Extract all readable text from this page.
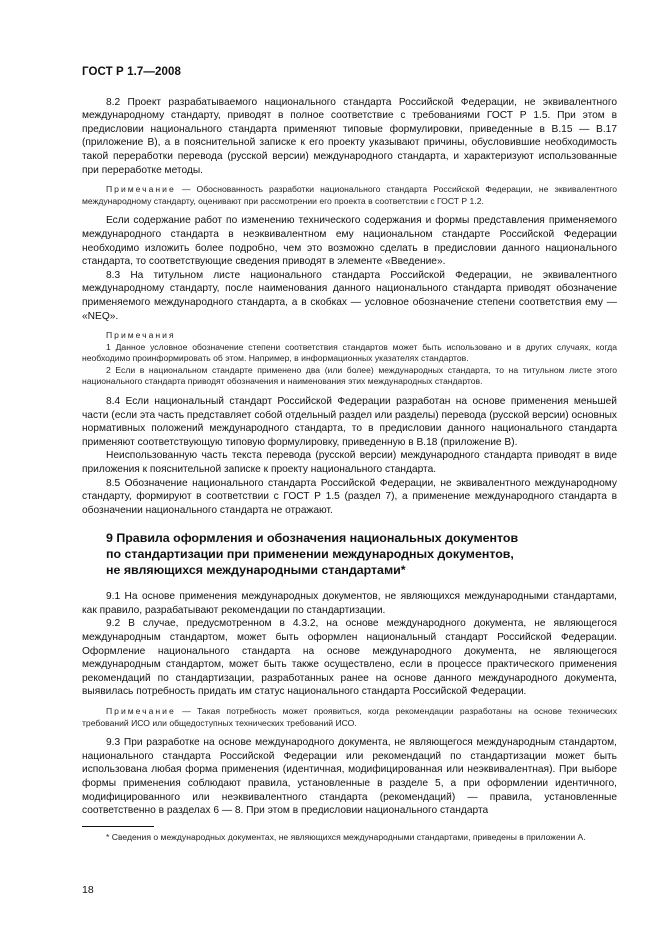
ГОСТ Р 1.7—2008

8.2 Проект разрабатываемого национального стандарта Российской Федерации, не эквивалентного международному стандарту, приводят в полное соответствие с требованиями ГОСТ Р 1.5. При этом в предисловии национального стандарта применяют типовые формулировки, приведенные в В.15 — В.17 (приложение В), а в пояснительной записке к его проекту указывают причины, обусловившие необходимость такой переработки перевода (русской версии) международного стандарта, и характеризуют использованные при переработке методы.

Примечание — Обоснованность разработки национального стандарта Российской Федерации, не эквивалентного международному стандарту, оценивают при рассмотрении его проекта в соответствии с ГОСТ Р 1.2.

Если содержание работ по изменению технического содержания и формы представления применяемого международного стандарта в неэквивалентном ему национальном стандарте Российской Федерации необходимо изложить более подробно, чем это возможно сделать в предисловии данного национального стандарта, то соответствующие сведения приводят в элементе «Введение».

8.3 На титульном листе национального стандарта Российской Федерации, не эквивалентного международному стандарту, после наименования данного национального стандарта приводят обозначение применяемого международного стандарта, а в скобках — условное обозначение степени соответствия ему — «NEQ».

Примечания
1 Данное условное обозначение степени соответствия стандартов может быть использовано и в других случаях, когда необходимо проинформировать об этом. Например, в информационных указателях стандартов.
2 Если в национальном стандарте применено два (или более) международных стандарта, то на титульном листе этого национального стандарта приводят обозначения и наименования этих международных стандартов.

8.4 Если национальный стандарт Российской Федерации разработан на основе применения меньшей части (если эта часть представляет собой отдельный раздел или разделы) перевода (русской версии) основных нормативных положений международного стандарта, то в предисловии данного национального стандарта применяют соответствующую типовую формулировку, приведенную в В.18 (приложение В).

Неиспользованную часть текста перевода (русской версии) международного стандарта приводят в виде приложения к пояснительной записке к проекту национального стандарта.

8.5 Обозначение национального стандарта Российской Федерации, не эквивалентного международному стандарту, формируют в соответствии с ГОСТ Р 1.5 (раздел 7), а применение международного стандарта в обозначении национального стандарта не отражают.

9 Правила оформления и обозначения национальных документов
по стандартизации при применении международных документов,
не являющихся международными стандартами*

9.1 На основе применения международных документов, не являющихся международными стандартами, как правило, разрабатывают рекомендации по стандартизации.

9.2 В случае, предусмотренном в 4.3.2, на основе международного документа, не являющегося международным стандартом, может быть оформлен национальный стандарт Российской Федерации. Оформление национального стандарта на основе международного документа, не являющегося международным стандартом, может быть также осуществлено, если в процессе практического применения рекомендаций по стандартизации, разработанных ранее на основе данного международного документа, выявилась потребность придать им статус национального стандарта Российской Федерации.

Примечание — Такая потребность может проявиться, когда рекомендации разработаны на основе технических требований ИСО или общедоступных технических требований ИСО.

9.3 При разработке на основе международного документа, не являющегося международным стандартом, национального стандарта Российской Федерации или рекомендаций по стандартизации может быть использована любая форма применения (идентичная, модифицированная или неэквивалентная). При выборе формы применения соблюдают правила, установленные в разделе 5, а при оформлении идентичного, модифицированного или неэквивалентного стандарта (рекомендаций) — правила, установленные соответственно в разделах 6 — 8. При этом в предисловии национального стандарта

* Сведения о международных документах, не являющихся международными стандартами, приведены в приложении А.
18
